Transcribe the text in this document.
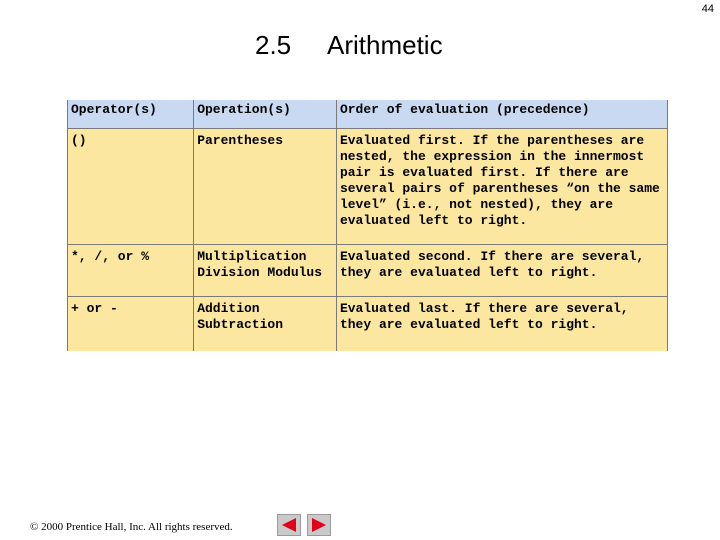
44
2.5 Arithmetic
Operator(s)	Operation(s)	Order of evaluation (precedence)
()	Parentheses	Evaluated first. If the parentheses are nested, the expression in the innermost pair is evaluated first. If there are several pairs of parentheses “on the same level” (i.e., not nested), they are evaluated left to right.
*, /, or %	Multiplication Division Modulus	Evaluated second. If there are several, they are evaluated left to right.
+ or -	Addition Subtraction	Evaluated last. If there are several, they are evaluated left to right.
© 2000 Prentice Hall, Inc. All rights reserved.
